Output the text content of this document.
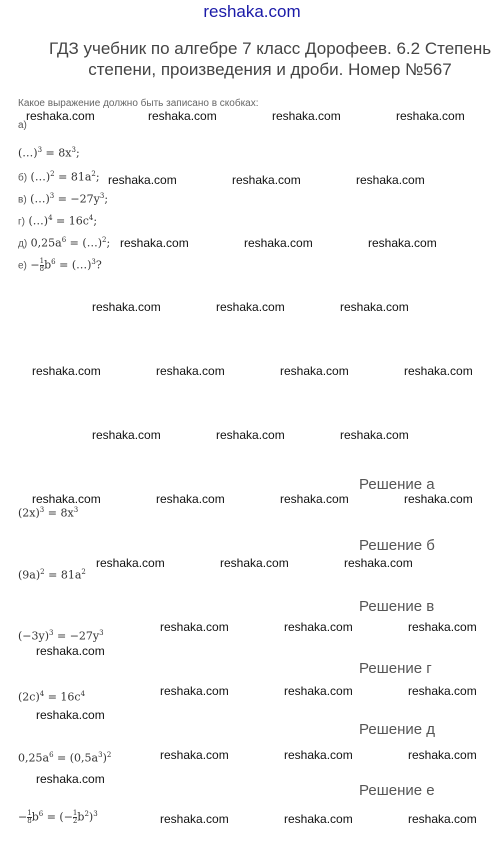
reshaka.com
ГДЗ учебник по алгебре 7 класс Дорофеев. 6.2 Степень степени, произведения и дроби. Номер №567
Какое выражение должно быть записано в скобках:
а)
(…)$^3$ = $8x^3$;
б) (…)$^2$ = $81a^2$;
в) (…)$^3$ = $-27y^3$;
г) (…)$^4$ = $16c^4$;
д) $0,25a^6$ = (…)$^2$;
$е) - \frac{1}{8} b^6$ = (…)$^3$?
Решение а
$(2x)^3 = 8x^3$
Решение б
$(9a)^2 = 81a^2$
Решение в
$(-3y)^3 = -27y^3$
Решение г
$(2c)^4 = 16c^4$
Решение д
$0,25a^6 = (0,5a^3)^2$
Решение е
− $\frac{1}{8} b^6$ = (− $\frac{1}{2} b^2)^3$
reshaka.com	reshaka.com	reshaka.com	reshaka.com
reshaka.com	reshaka.com	reshaka.com
reshaka.com	reshaka.com	reshaka.com
reshaka.com	reshaka.com	reshaka.com
reshaka.com	reshaka.com	reshaka.com	reshaka.com
reshaka.com	reshaka.com	reshaka.com
reshaka.com	reshaka.com	reshaka.com	reshaka.com
reshaka.com	reshaka.com	reshaka.com
reshaka.com	reshaka.com	reshaka.com
reshaka.com
reshaka.com	reshaka.com	reshaka.com
reshaka.com
reshaka.com	reshaka.com	reshaka.com
reshaka.com
reshaka.com	reshaka.com	reshaka.com
